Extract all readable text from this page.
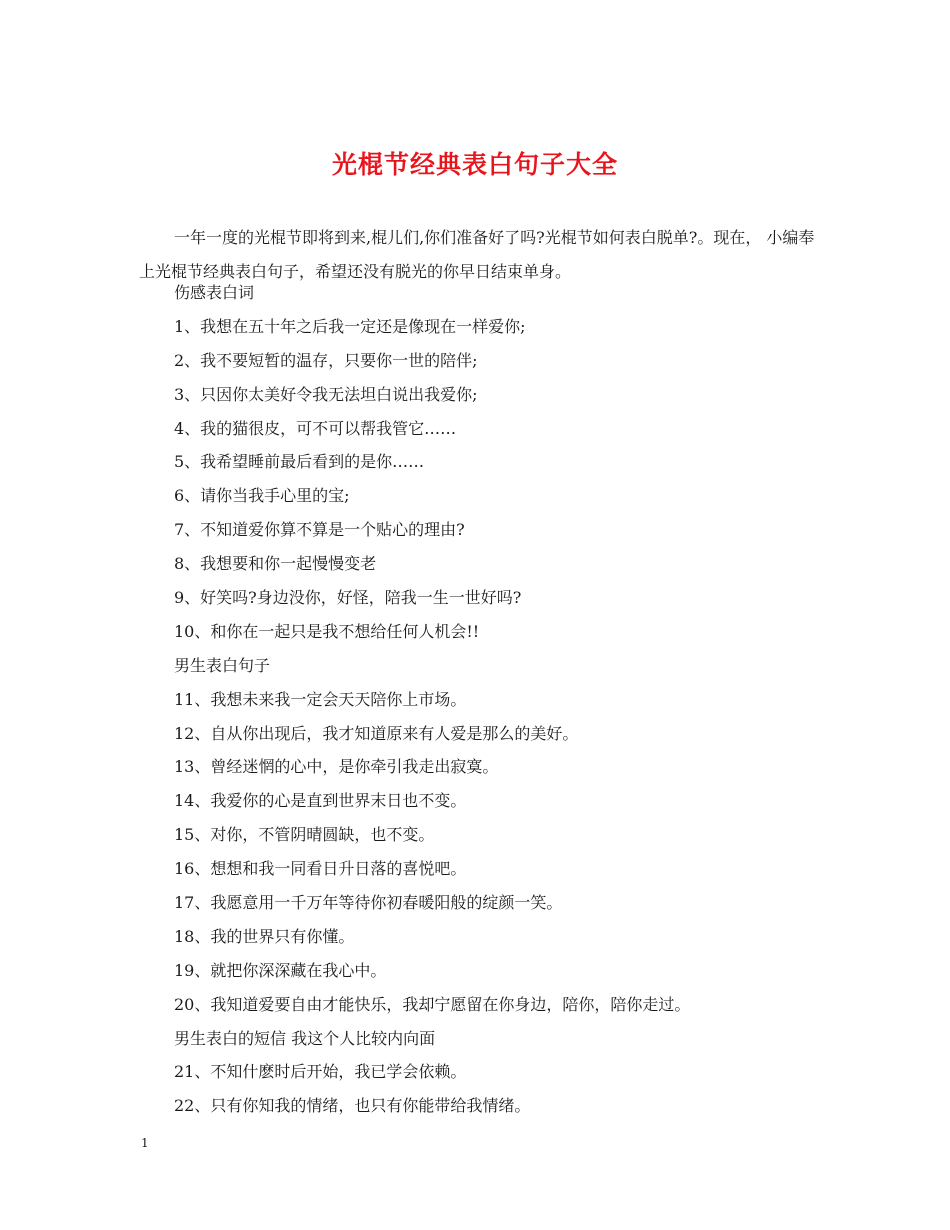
光棍节经典表白句子大全

一年一度的光棍节即将到来,棍儿们,你们准备好了吗?光棍节如何表白脱单?。现在， 小编奉上光棍节经典表白句子，希望还没有脱光的你早日结束单身。

伤感表白词
1、我想在五十年之后我一定还是像现在一样爱你;
2、我不要短暂的温存，只要你一世的陪伴;
3、只因你太美好令我无法坦白说出我爱你;
4、我的猫很皮，可不可以帮我管它……
5、我希望睡前最后看到的是你……
6、请你当我手心里的宝;
7、不知道爱你算不算是一个贴心的理由?
8、我想要和你一起慢慢变老
9、好笑吗?身边没你，好怪，陪我一生一世好吗?
10、和你在一起只是我不想给任何人机会!!
男生表白句子
11、我想未来我一定会天天陪你上市场。
12、自从你出现后，我才知道原来有人爱是那么的美好。
13、曾经迷惘的心中，是你牵引我走出寂寞。
14、我爱你的心是直到世界末日也不变。
15、对你，不管阴晴圆缺，也不变。
16、想想和我一同看日升日落的喜悦吧。
17、我愿意用一千万年等待你初春暖阳般的绽颜一笑。
18、我的世界只有你懂。
19、就把你深深藏在我心中。
20、我知道爱要自由才能快乐，我却宁愿留在你身边，陪你，陪你走过。
男生表白的短信 我这个人比较内向面
21、不知什麽时后开始，我已学会依赖。
22、只有你知我的情绪，也只有你能带给我情绪。
1
